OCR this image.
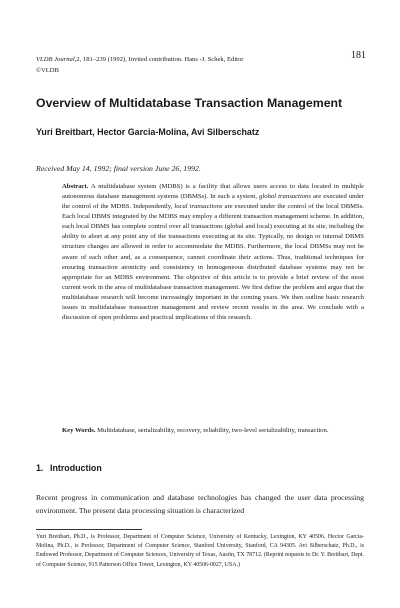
VLDB Journal,2, 181–239 (1992), Invited contribution. Hans -J. Schek, Editor	181
©VLDB
Overview of Multidatabase Transaction Management
Yuri Breitbart, Hector Garcia-Molina, Avi Silberschatz
Received May 14, 1992; final version June 26, 1992.
Abstract. A multidatabase system (MDBS) is a facility that allows users access to data located in multiple autonomous database management systems (DBMSs). In such a system, global transactions are executed under the control of the MDBS. Independently, local transactions are executed under the control of the local DBMSs. Each local DBMS integrated by the MDBS may employ a different transaction management scheme. In addition, each local DBMS has complete control over all transactions (global and local) executing at its site, including the ability to abort at any point any of the transactions executing at its site. Typically, no design or internal DBMS structure changes are allowed in order to accommodate the MDBS. Furthermore, the local DBMSs may not be aware of each other and, as a consequence, cannot coordinate their actions. Thus, traditional techniques for ensuring transaction atomicity and consistency in homogeneous distributed database systems may not be appropriate for an MDBS environment. The objective of this article is to provide a brief review of the most current work in the area of multidatabase transaction management. We first define the problem and argue that the multidatabase research will become increasingly important in the coming years. We then outline basic research issues in multidatabase transaction management and review recent results in the area. We conclude with a discussion of open problems and practical implications of this research.
Key Words. Multidatabase, serializability, recovery, reliability, two-level serializability, transaction.
1. Introduction
Recent progress in communication and database technologies has changed the user data processing environment. The present data processing situation is characterized
Yuri Breitbart, Ph.D., is Professor, Department of Computer Science, University of Kentucky, Lexington, KY 40506. Hector Garcia-Molina, Ph.D., is Professor, Department of Computer Science, Stanford University, Stanford, CA 94305. Avi Silberschatz, Ph.D., is Endowed Professor, Department of Computer Sciences, University of Texas, Austin, TX 78712. (Reprint requests to Dr. Y. Breitbart, Dept. of Computer Science, 915 Patterson Office Tower, Lexington, KY 40506-0027, USA.)
